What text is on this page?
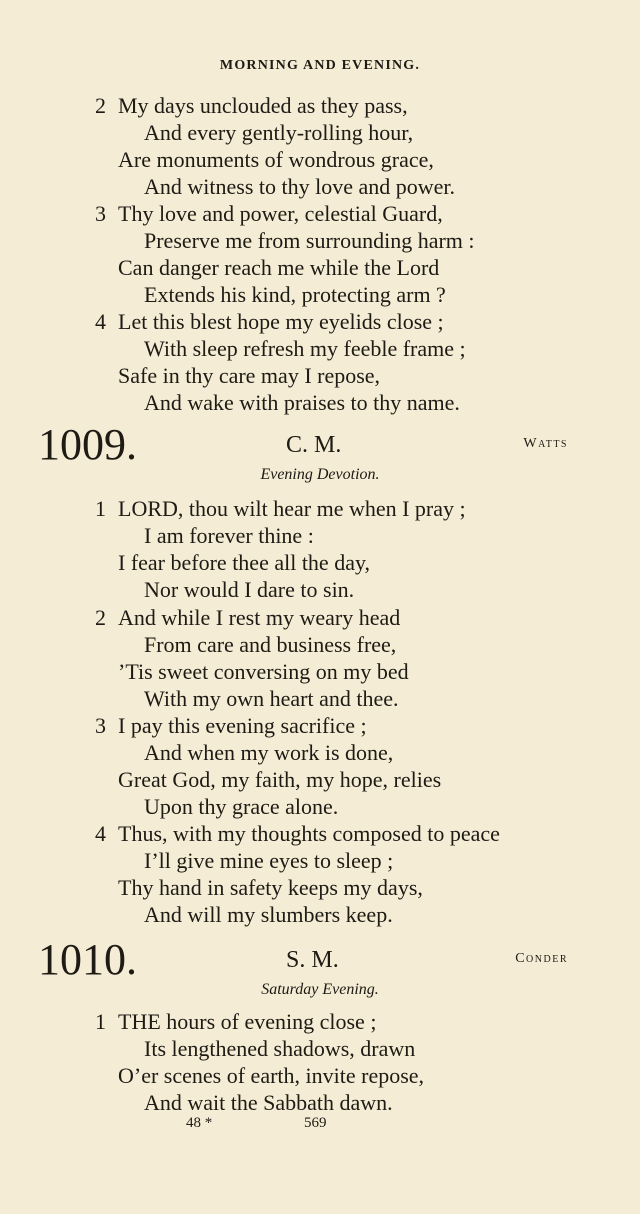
MORNING AND EVENING.
2 My days unclouded as they pass,
And every gently-rolling hour,
Are monuments of wondrous grace,
And witness to thy love and power.
3 Thy love and power, celestial Guard,
Preserve me from surrounding harm :
Can danger reach me while the Lord
Extends his kind, protecting arm ?
4 Let this blest hope my eyelids close ;
With sleep refresh my feeble frame ;
Safe in thy care may I repose,
And wake with praises to thy name.
1009.	C. M.	Watts
Evening Devotion.
1 LORD, thou wilt hear me when I pray ;
I am forever thine :
I fear before thee all the day,
Nor would I dare to sin.
2 And while I rest my weary head
From care and business free,
’Tis sweet conversing on my bed
With my own heart and thee.
3 I pay this evening sacrifice ;
And when my work is done,
Great God, my faith, my hope, relies
Upon thy grace alone.
4 Thus, with my thoughts composed to peace
I’ll give mine eyes to sleep ;
Thy hand in safety keeps my days,
And will my slumbers keep.
1010.	S. M.	Conder
Saturday Evening.
1 THE hours of evening close ;
Its lengthened shadows, drawn
O’er scenes of earth, invite repose,
And wait the Sabbath dawn.
48 *	569
